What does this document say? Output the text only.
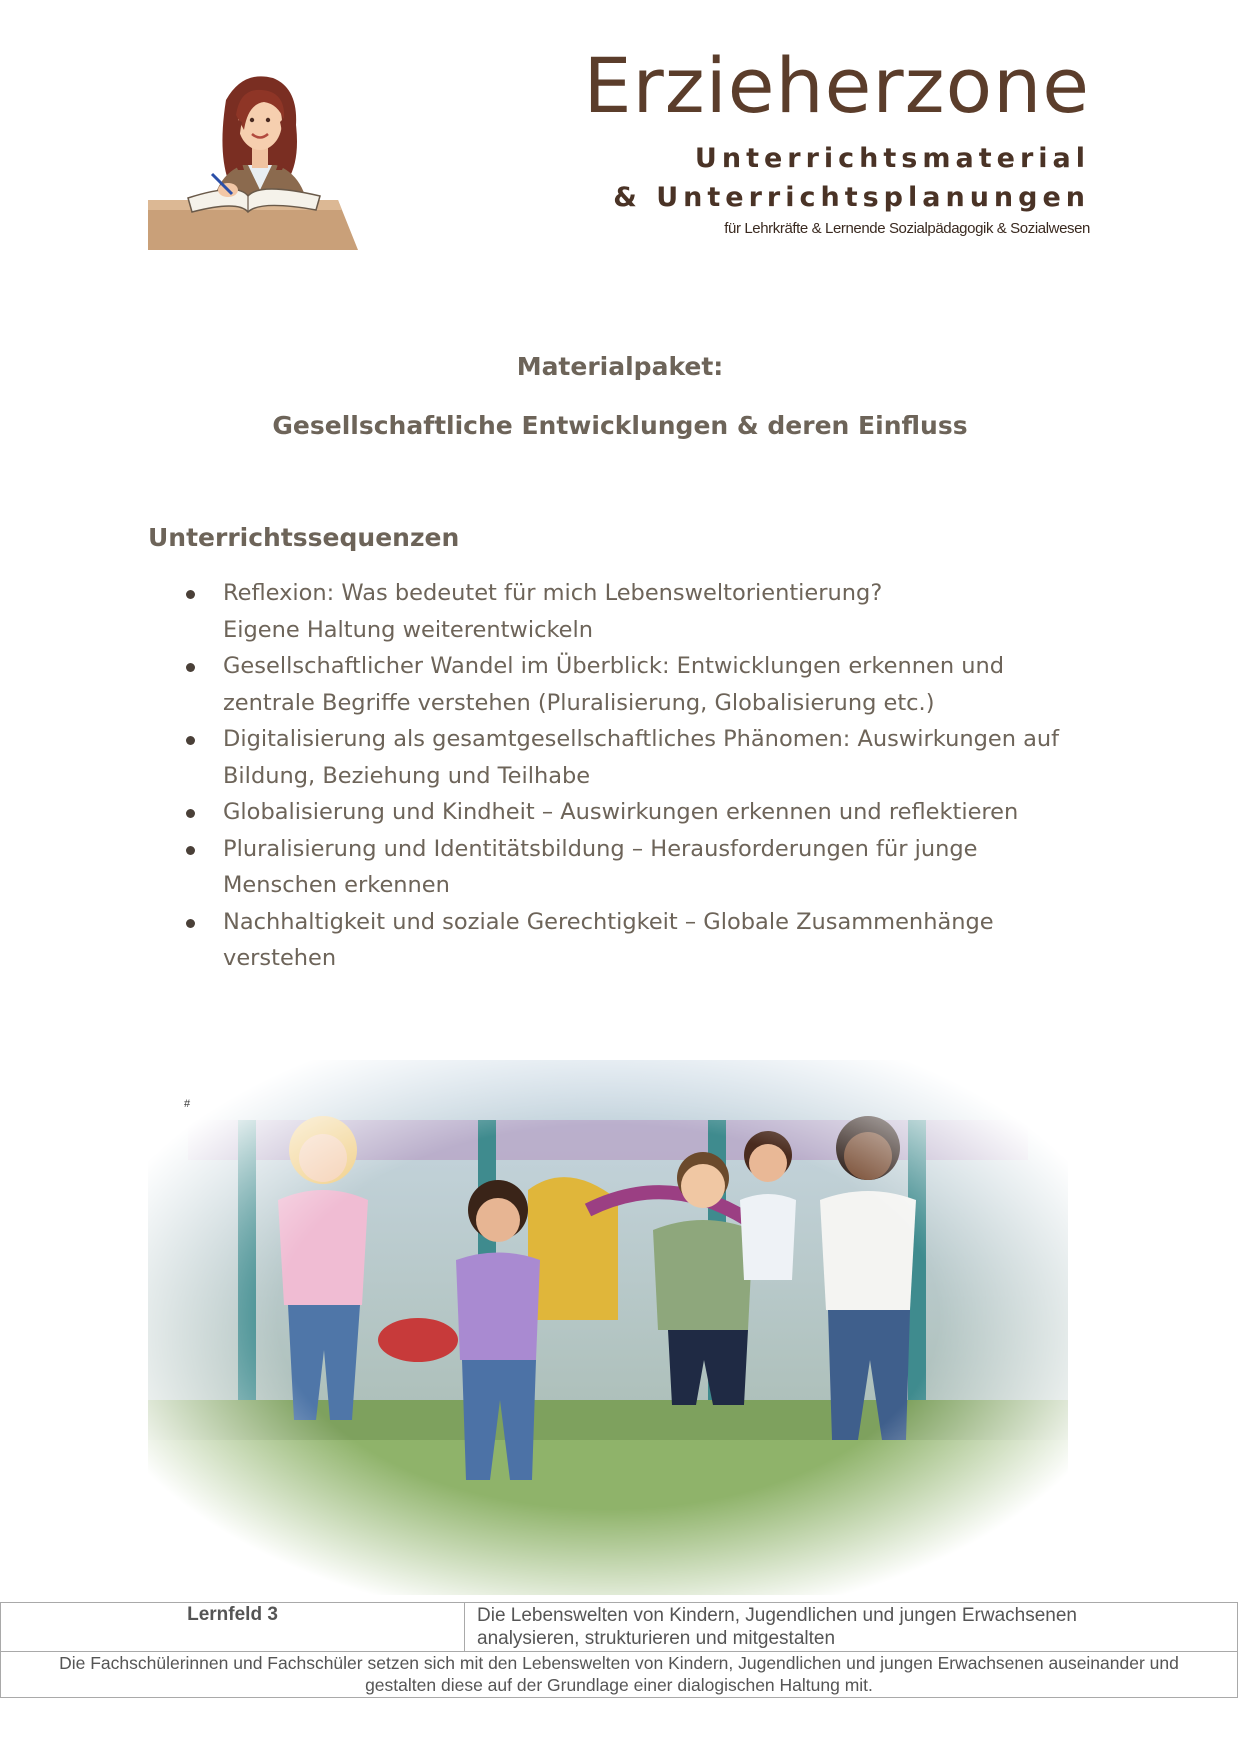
Erzieherzone
Unterrichtsmaterial
& Unterrichtsplanungen
für Lehrkräfte & Lernende Sozialpädagogik & Sozialwesen
Materialpaket:
Gesellschaftliche Entwicklungen & deren Einfluss
Unterrichtssequenzen
Reflexion: Was bedeutet für mich Lebensweltorientierung?
Eigene Haltung weiterentwickeln
Gesellschaftlicher Wandel im Überblick: Entwicklungen erkennen und
zentrale Begriffe verstehen (Pluralisierung, Globalisierung etc.)
Digitalisierung als gesamtgesellschaftliches Phänomen: Auswirkungen auf
Bildung, Beziehung und Teilhabe
Globalisierung und Kindheit – Auswirkungen erkennen und reflektieren
Pluralisierung und Identitätsbildung – Herausforderungen für junge
Menschen erkennen
Nachhaltigkeit und soziale Gerechtigkeit – Globale Zusammenhänge
verstehen
#
Lernfeld 3	Die Lebenswelten von Kindern, Jugendlichen und jungen Erwachsenen
analysieren, strukturieren und mitgestalten

Die Fachschülerinnen und Fachschüler setzen sich mit den Lebenswelten von Kindern, Jugendlichen und jungen Erwachsenen auseinander und
gestalten diese auf der Grundlage einer dialogischen Haltung mit.
